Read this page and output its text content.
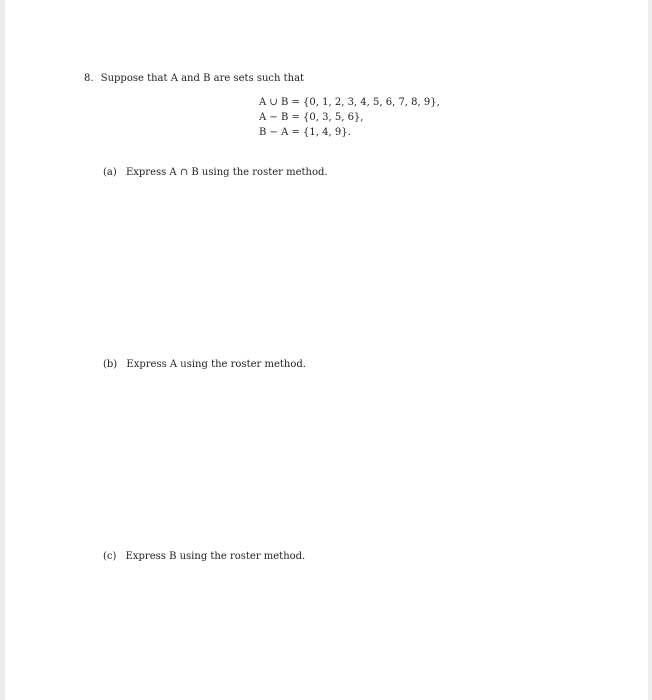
8. Suppose that A and B are sets such that
A ∪ B = {0, 1, 2, 3, 4, 5, 6, 7, 8, 9},
A − B = {0, 3, 5, 6},
B − A = {1, 4, 9}.
(a) Express A ∩ B using the roster method.
(b) Express A using the roster method.
(c) Express B using the roster method.
